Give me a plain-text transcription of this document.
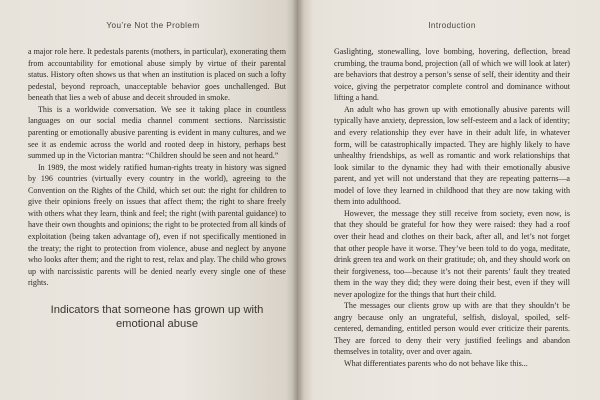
You’re Not the Problem

a major role here. It pedestals parents (mothers, in particular), exonerating them from accountability for emotional abuse simply by virtue of their parental status. History often shows us that when an institution is placed on such a lofty pedestal, beyond reproach, unacceptable behavior goes unchallenged. But beneath that lies a web of abuse and deceit shrouded in smoke.

This is a worldwide conversation. We see it taking place in countless languages on our social media channel comment sections. Narcissistic parenting or emotionally abusive parenting is evident in many cultures, and we see it as endemic across the world and rooted deep in history, perhaps best summed up in the Victorian mantra: “Children should be seen and not heard.”

In 1989, the most widely ratified human-rights treaty in history was signed by 196 countries (virtually every country in the world), agreeing to the Convention on the Rights of the Child, which set out: the right for children to give their opinions freely on issues that affect them; the right to share freely with others what they learn, think and feel; the right (with parental guidance) to have their own thoughts and opinions; the right to be protected from all kinds of exploitation (being taken advantage of), even if not specifically mentioned in the treaty; the right to protection from violence, abuse and neglect by anyone who looks after them; and the right to rest, relax and play. The child who grows up with narcissistic parents will be denied nearly every single one of these rights.

Indicators that someone has grown up with emotional abuse
Introduction

Gaslighting, stonewalling, love bombing, hovering, deflection, bread crumbing, the trauma bond, projection (all of which we will look at later) are behaviors that destroy a person’s sense of self, their identity and their voice, giving the perpetrator complete control and dominance without lifting a hand.

An adult who has grown up with emotionally abusive parents will typically have anxiety, depression, low self-esteem and a lack of identity; and every relationship they ever have in their adult life, in whatever form, will be catastrophically impacted. They are highly likely to have unhealthy friendships, as well as romantic and work relationships that look similar to the dynamic they had with their emotionally abusive parent, and yet will not understand that they are repeating patterns—a model of love they learned in childhood that they are now taking with them into adulthood.

However, the message they still receive from society, even now, is that they should be grateful for how they were raised: they had a roof over their head and clothes on their back, after all, and let’s not forget that other people have it worse. They’ve been told to do yoga, meditate, drink green tea and work on their gratitude; oh, and they should work on their forgiveness, too—because it’s not their parents’ fault they treated them in the way they did; they were doing their best, even if they will never apologize for the things that hurt their child.

The messages our clients grow up with are that they shouldn’t be angry because only an ungrateful, selfish, disloyal, spoiled, self-centered, demanding, entitled person would ever criticize their parents. They are forced to deny their very justified feelings and abandon themselves in totality, over and over again.

What differentiates parents who do not behave like this...
